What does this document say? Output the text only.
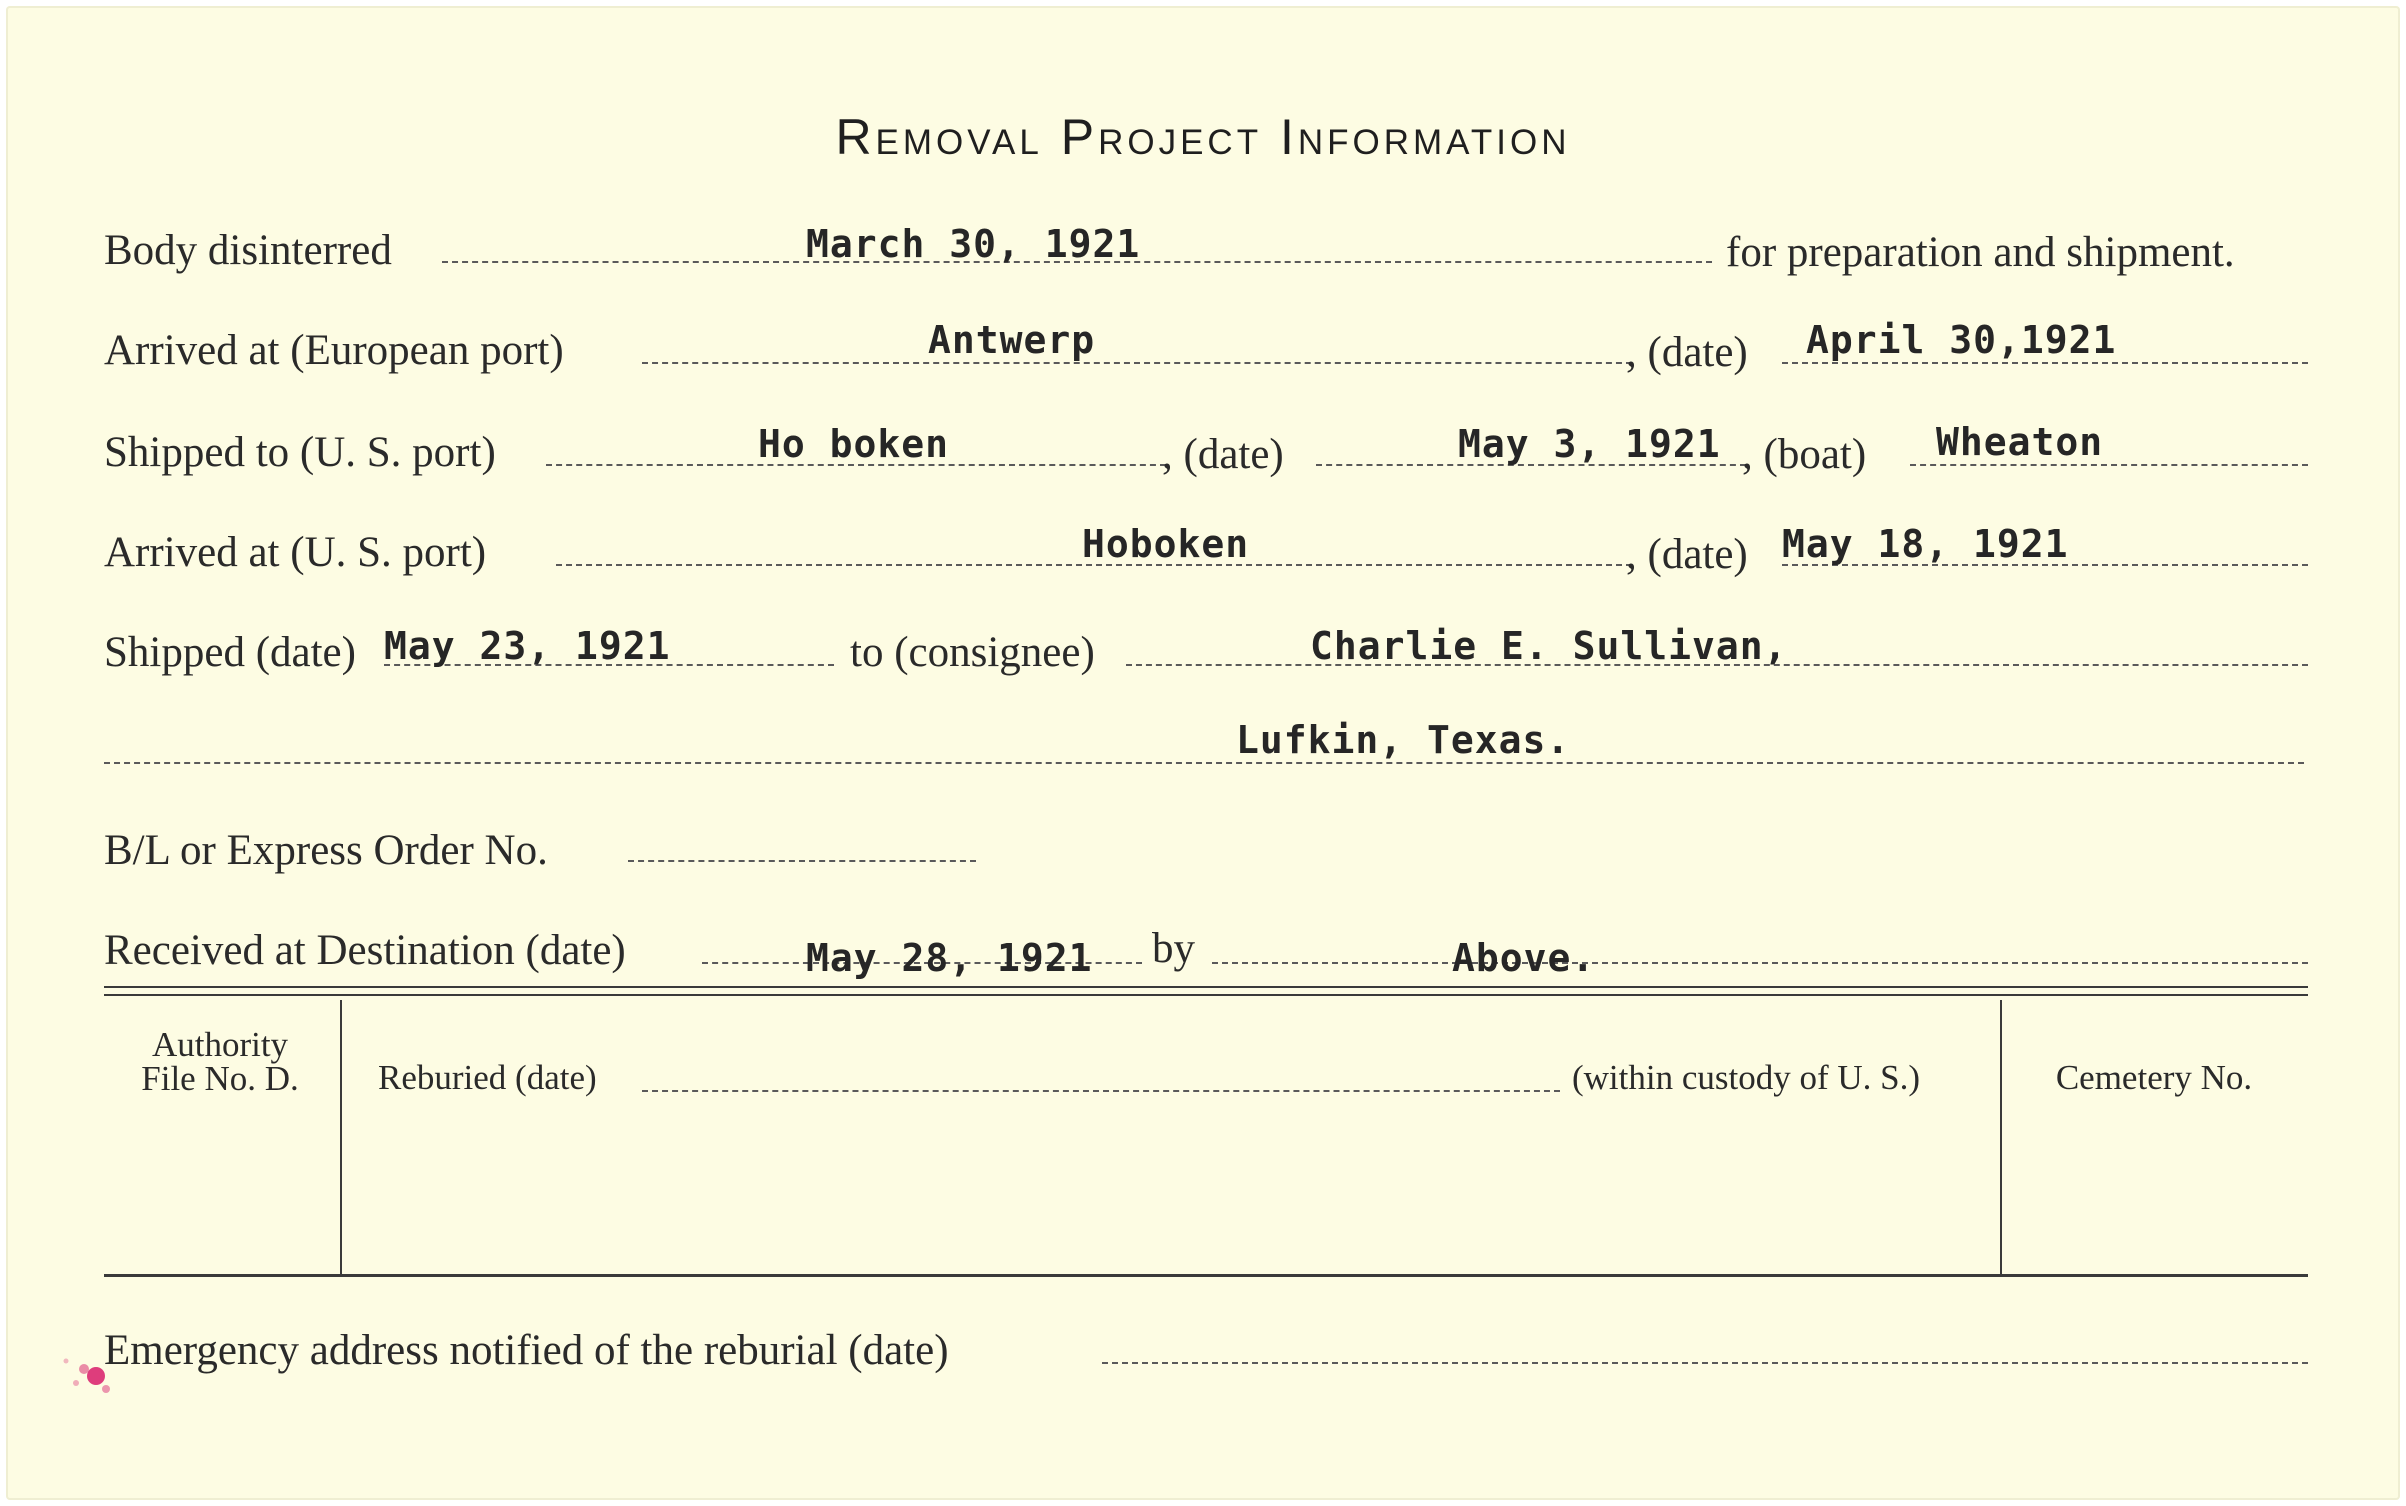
Removal Project Information
Body disinterred	March 30, 1921	for preparation and shipment.
Arrived at (European port)	Antwerp	, (date) April 30,1921
Shipped to (U. S. port)	Ho boken	, (date)	May 3, 1921 , (boat) Wheaton
Arrived at (U. S. port)	Hoboken	, (date) May 18, 1921
Shipped (date) May 23, 1921	to (consignee)	Charlie E. Sullivan,
Lufkin, Texas.
B/L or Express Order No.
Received at Destination (date)	May 28, 1921 by	Above.
Authority
File No. D.	Reburied (date)	(within custody of U. S.)	Cemetery No.
Emergency address notified of the reburial (date)
